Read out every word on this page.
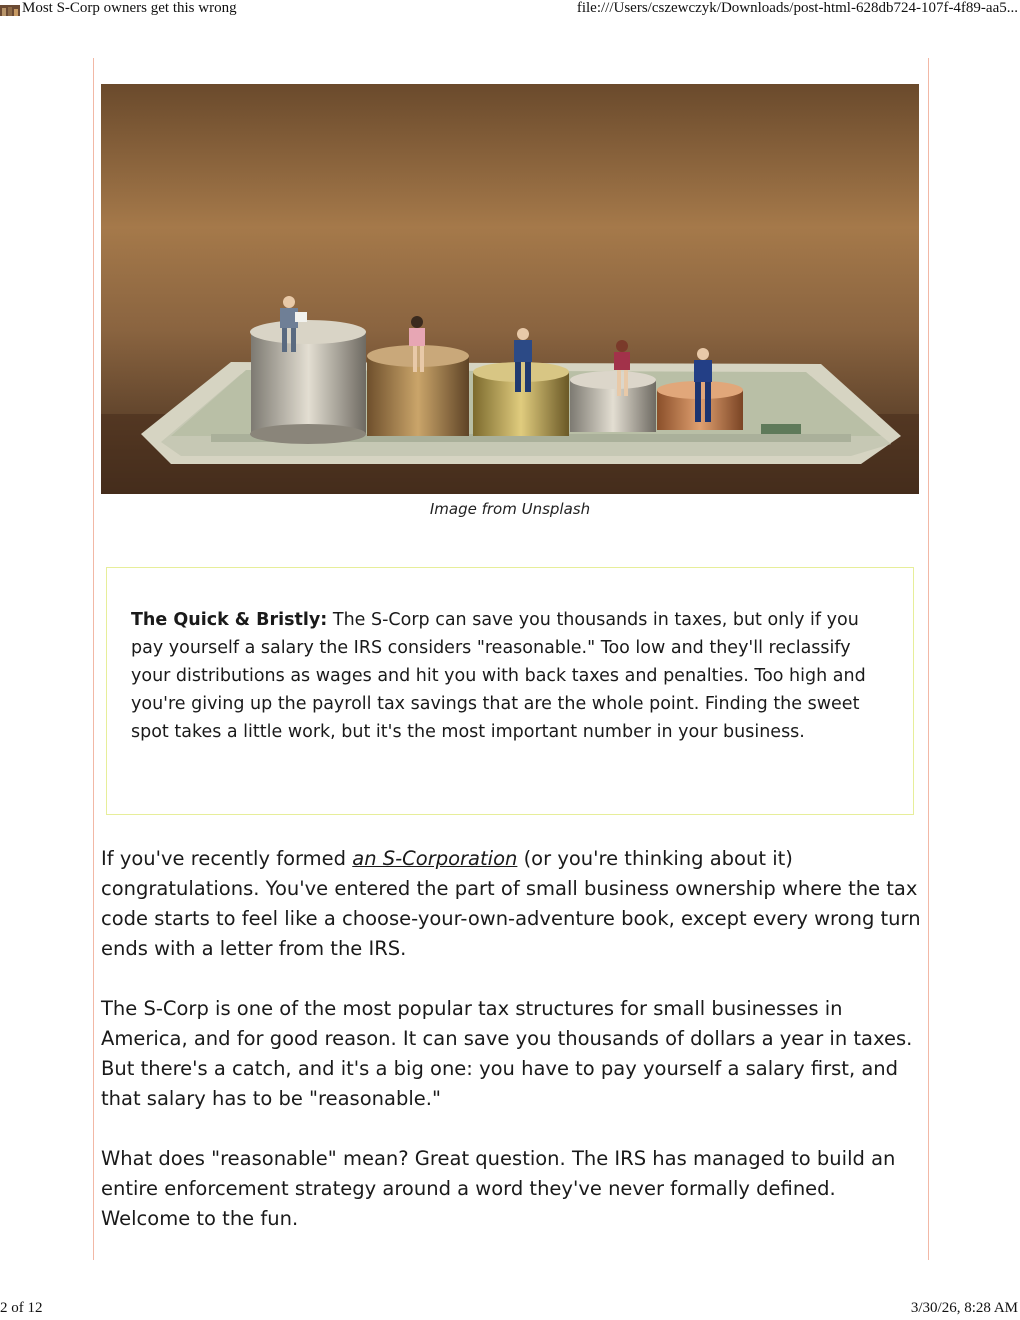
Most S-Corp owners get this wrong	file:///Users/cszewczyk/Downloads/post-html-628db724-107f-4f89-aa5...
Image from Unsplash
The Quick & Bristly: The S-Corp can save you thousands in taxes, but only if you pay yourself a salary the IRS considers "reasonable." Too low and they'll reclassify your distributions as wages and hit you with back taxes and penalties. Too high and you're giving up the payroll tax savings that are the whole point. Finding the sweet spot takes a little work, but it's the most important number in your business.

If you've recently formed an S-Corporation (or you're thinking about it) congratulations. You've entered the part of small business ownership where the tax code starts to feel like a choose-your-own-adventure book, except every wrong turn ends with a letter from the IRS.

The S-Corp is one of the most popular tax structures for small businesses in America, and for good reason. It can save you thousands of dollars a year in taxes. But there's a catch, and it's a big one: you have to pay yourself a salary first, and that salary has to be "reasonable."

What does "reasonable" mean? Great question. The IRS has managed to build an entire enforcement strategy around a word they've never formally defined. Welcome to the fun.

2 of 12	3/30/26, 8:28 AM
